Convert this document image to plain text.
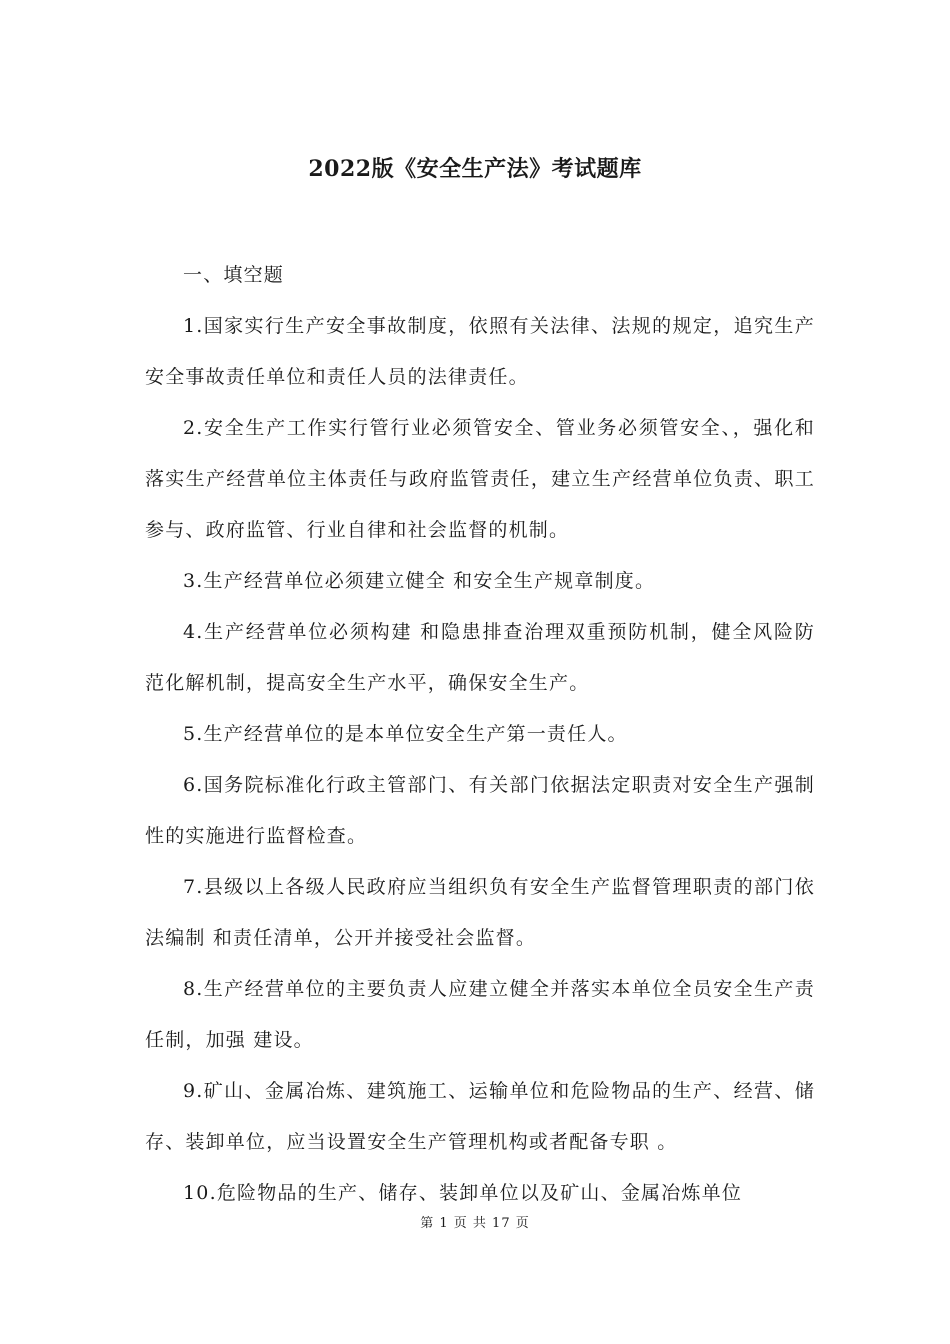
2022版《安全生产法》考试题库

一、填空题

1.国家实行生产安全事故制度，依照有关法律、法规的规定，追究生产安全事故责任单位和责任人员的法律责任。

2.安全生产工作实行管行业必须管安全、管业务必须管安全、，强化和落实生产经营单位主体责任与政府监管责任，建立生产经营单位负责、职工参与、政府监管、行业自律和社会监督的机制。

3.生产经营单位必须建立健全 和安全生产规章制度。

4.生产经营单位必须构建 和隐患排查治理双重预防机制，健全风险防范化解机制，提高安全生产水平，确保安全生产。

5.生产经营单位的是本单位安全生产第一责任人。

6.国务院标准化行政主管部门、有关部门依据法定职责对安全生产强制性的实施进行监督检查。

7.县级以上各级人民政府应当组织负有安全生产监督管理职责的部门依法编制 和责任清单，公开并接受社会监督。

8.生产经营单位的主要负责人应建立健全并落实本单位全员安全生产责任制，加强 建设。

9.矿山、金属冶炼、建筑施工、运输单位和危险物品的生产、经营、储存、装卸单位，应当设置安全生产管理机构或者配备专职 。

10.危险物品的生产、储存、装卸单位以及矿山、金属冶炼单位

第 1 页 共 17 页
